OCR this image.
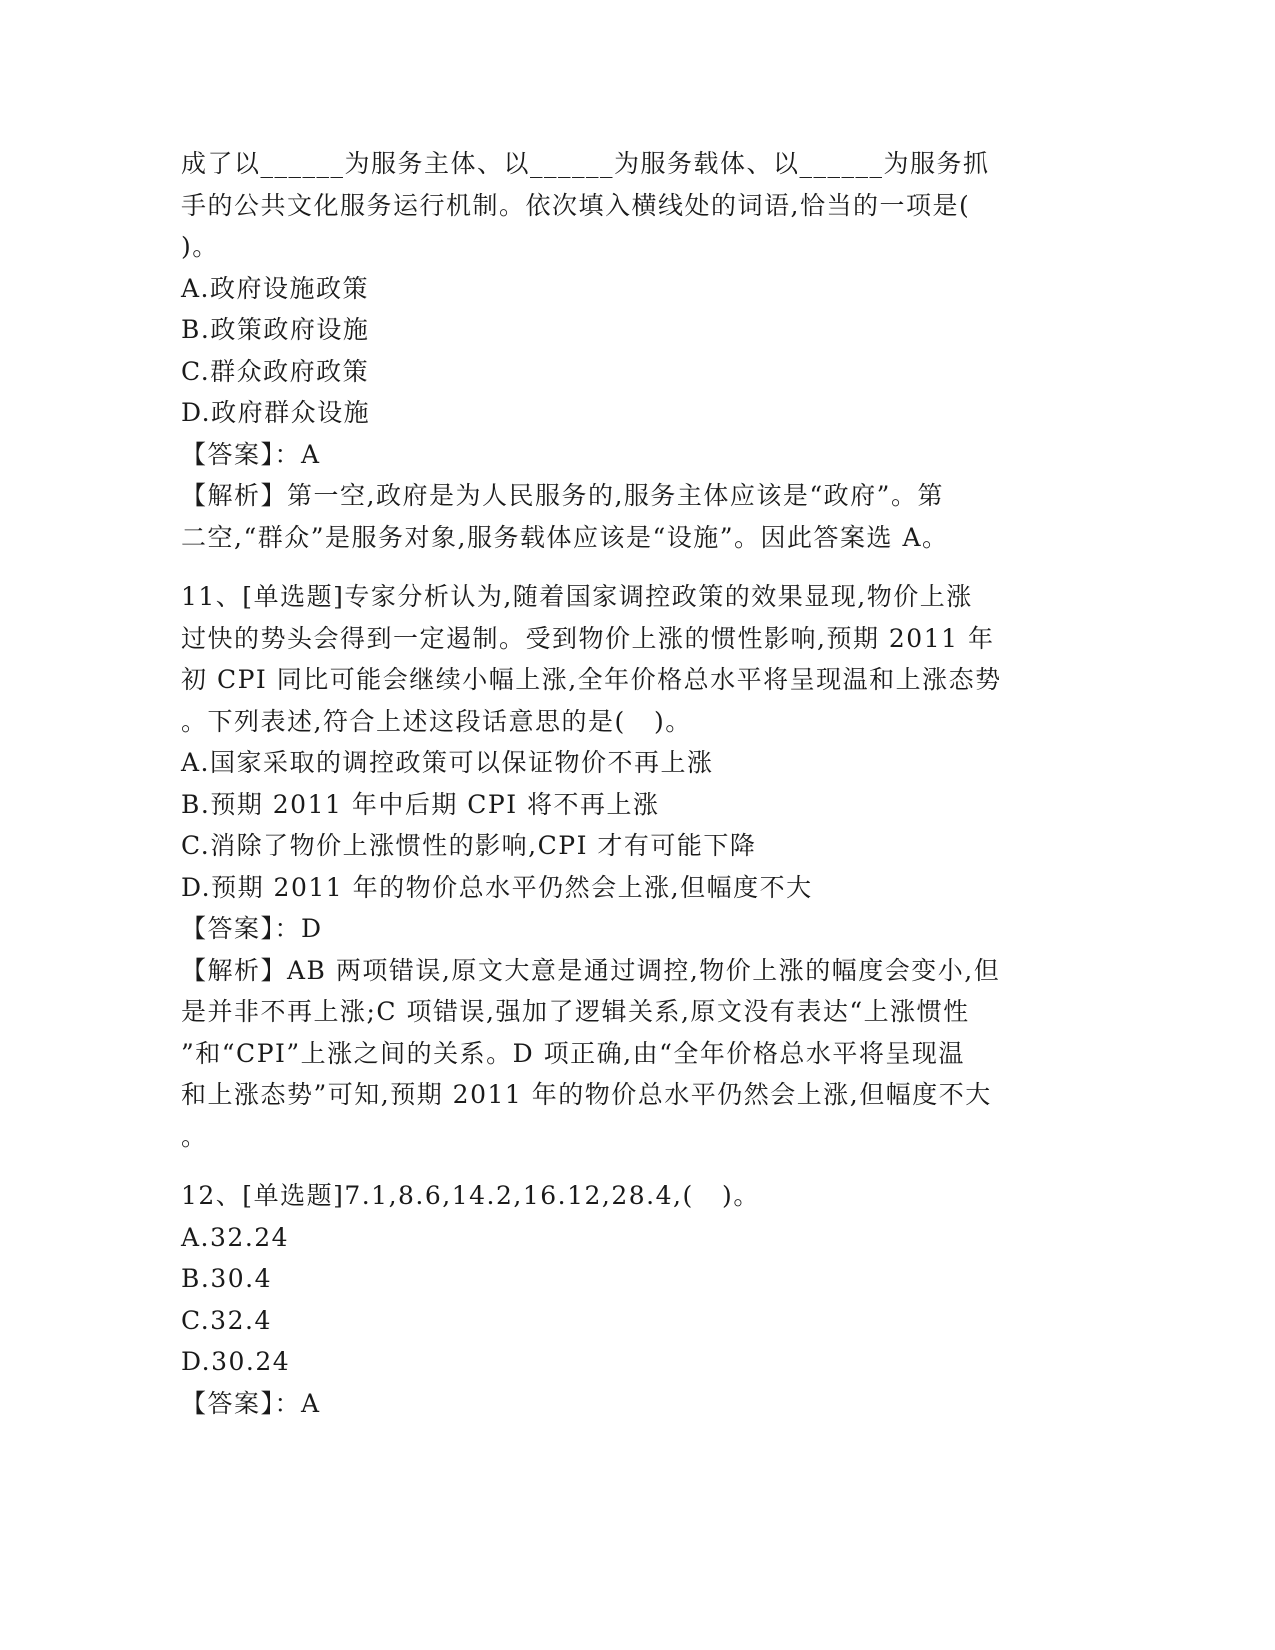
成了以______为服务主体、以______为服务载体、以______为服务抓
手的公共文化服务运行机制。依次填入横线处的词语,恰当的一项是(
)。
A.政府设施政策
B.政策政府设施
C.群众政府政策
D.政府群众设施
【答案】：A
【解析】第一空,政府是为人民服务的,服务主体应该是“政府”。第
二空,“群众”是服务对象,服务载体应该是“设施”。因此答案选 A。
11、[单选题]专家分析认为,随着国家调控政策的效果显现,物价上涨
过快的势头会得到一定遏制。受到物价上涨的惯性影响,预期 2011 年
初 CPI 同比可能会继续小幅上涨,全年价格总水平将呈现温和上涨态势
。下列表述,符合上述这段话意思的是(   )。
A.国家采取的调控政策可以保证物价不再上涨
B.预期 2011 年中后期 CPI 将不再上涨
C.消除了物价上涨惯性的影响,CPI 才有可能下降
D.预期 2011 年的物价总水平仍然会上涨,但幅度不大
【答案】：D
【解析】AB 两项错误,原文大意是通过调控,物价上涨的幅度会变小,但
是并非不再上涨;C 项错误,强加了逻辑关系,原文没有表达“上涨惯性
”和“CPI”上涨之间的关系。D 项正确,由“全年价格总水平将呈现温
和上涨态势”可知,预期 2011 年的物价总水平仍然会上涨,但幅度不大
。
12、[单选题]7.1,8.6,14.2,16.12,28.4,(   )。
A.32.24
B.30.4
C.32.4
D.30.24
【答案】：A
